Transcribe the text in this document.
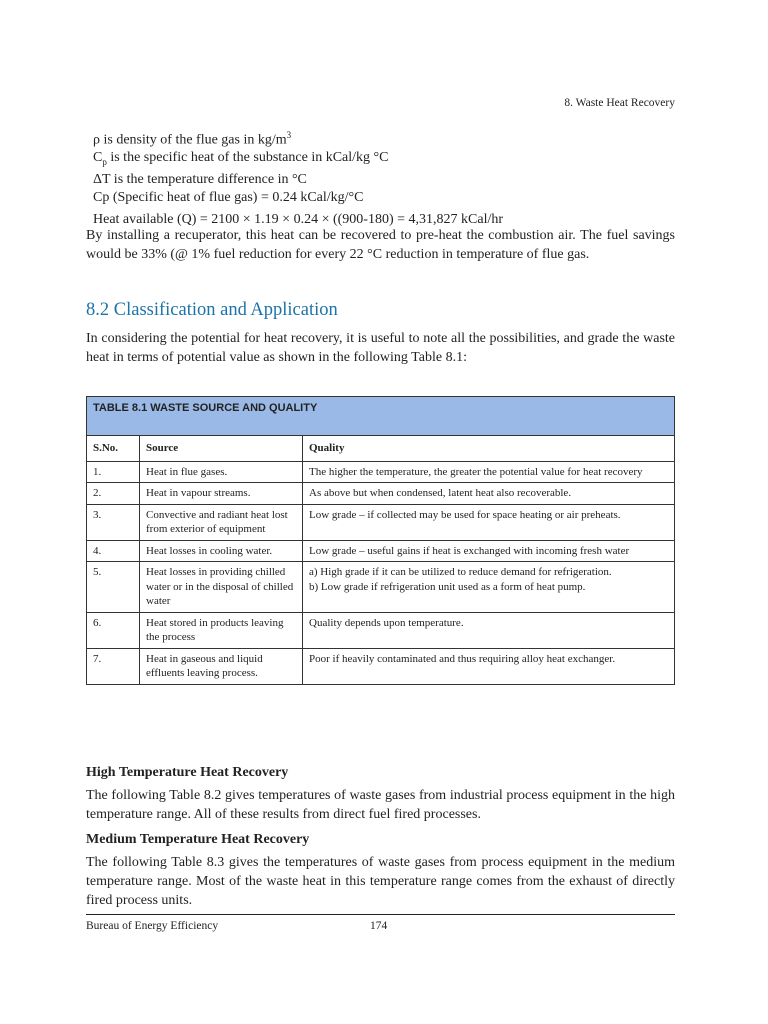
8. Waste Heat Recovery
ρ is density of the flue gas in $kg/m^3$
$C_p$ is the specific heat of the substance in kCal/kg °C
ΔT is the temperature difference in °C
Cp (Specific heat of flue gas) = 0.24 kCal/kg/°C
Heat available (Q) = 2100 × 1.19 × 0.24 × ((900-180) = 4,31,827 kCal/hr
By installing a recuperator, this heat can be recovered to pre-heat the combustion air. The fuel savings would be 33% (@ 1% fuel reduction for every 22 °C reduction in temperature of flue gas.
8.2 Classification and Application
In considering the potential for heat recovery, it is useful to note all the possibilities, and grade the waste heat in terms of potential value as shown in the following Table 8.1:
TABLE 8.1 WASTE SOURCE AND QUALITY		
S.No.	Source	Quality
1.	Heat in flue gases.	The higher the temperature, the greater the potential value for heat recovery
2.	Heat in vapour streams.	As above but when condensed, latent heat also recoverable.
3.	Convective and radiant heat lost from exterior of equipment	Low grade – if collected may be used for space heating or air preheats.
4.	Heat losses in cooling water.	Low grade – useful gains if heat is exchanged with incoming fresh water
5.	Heat losses in providing chilled water or in the disposal of chilled water	a) High grade if it can be utilized to reduce demand for refrigeration.
b) Low grade if refrigeration unit used as a form of heat pump.

6.	Heat stored in products leaving the process	Quality depends upon temperature.
7.	Heat in gaseous and liquid effluents leaving process.	Poor if heavily contaminated and thus requiring alloy heat exchanger.
High Temperature Heat Recovery
The following Table 8.2 gives temperatures of waste gases from industrial process equipment in the high temperature range. All of these results from direct fuel fired processes.
Medium Temperature Heat Recovery
The following Table 8.3 gives the temperatures of waste gases from process equipment in the medium temperature range. Most of the waste heat in this temperature range comes from the exhaust of directly fired process units.
Bureau of Energy Efficiency	174
